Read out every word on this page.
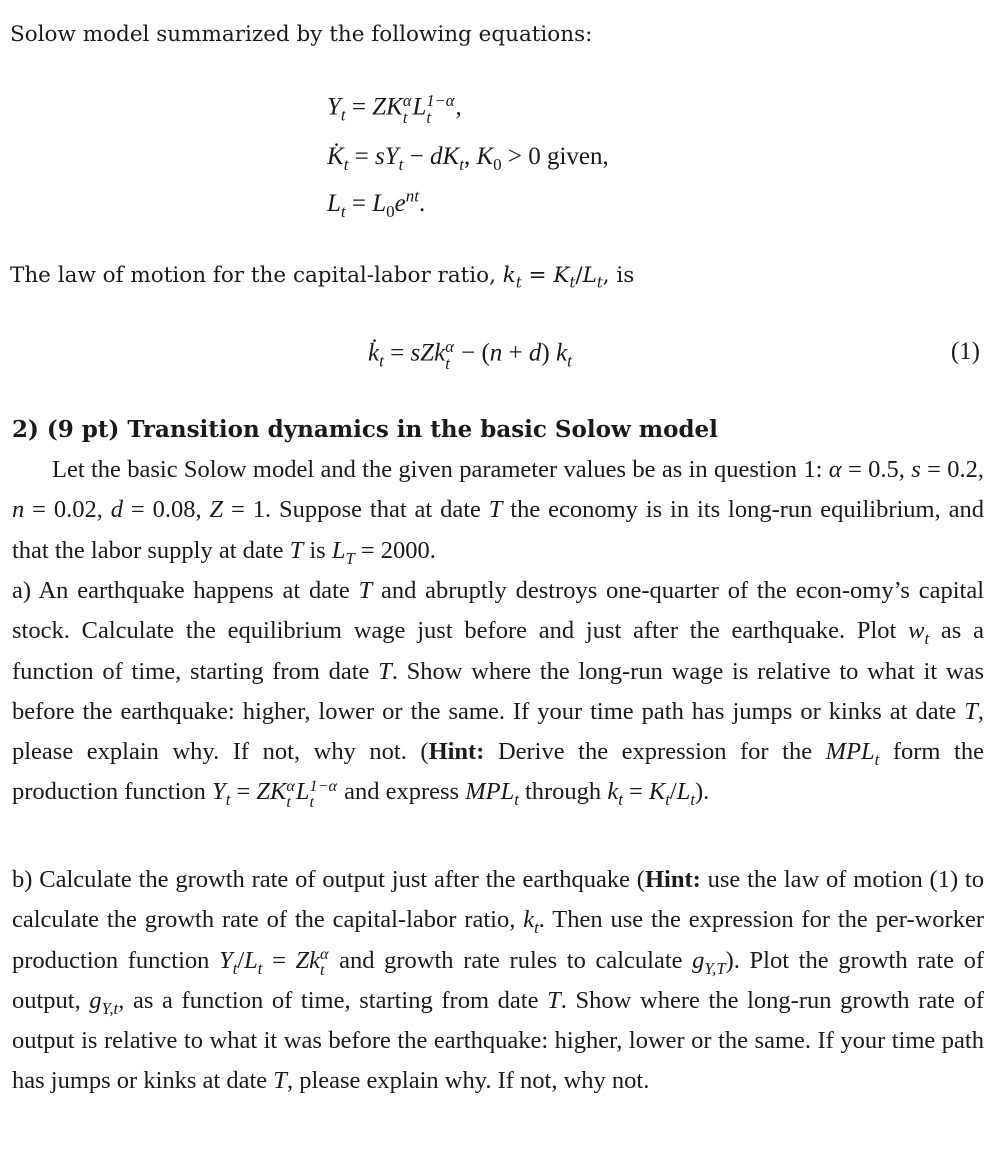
Solow model summarized by the following equations:
$Y_t$ = ZK α
t L 1−α
t ,
$K̇_t = sY_t - dK_t$, $K_0 > 0$ given,
$L_t = L_0e^{nt}$.
The law of motion for the capital-labor ratio, $k_t = K_t/L_t$, is
$k̇_t$ = sZk α
t − (n + d) $k_t$	(1)
2) (9 pt) Transition dynamics in the basic Solow model
Let the basic Solow model and the given parameter values be as in question 1: α = 0.5, s = 0.2, n = 0.02, d = 0.08, Z = 1. Suppose that at date T the economy is in its long-run equilibrium, and that the labor supply at date T is $L_T = 2000$.
a) An earthquake happens at date T and abruptly destroys one-quarter of the econ-omy’s capital stock. Calculate the equilibrium wage just before and just after the earthquake. Plot $w_t$ as a function of time, starting from date T. Show where the long-run wage is relative to what it was before the earthquake: higher, lower or the same. If your time path has jumps or kinks at date T, please explain why. If not, why not. (Hint: Derive the expression for the $MPL_t$ form the production function $Y_t$ = ZK α
t L 1−α
t and express $MPL_t$ through $k_t = K_t/L_t$).
b) Calculate the growth rate of output just after the earthquake (Hint: use the law of motion (1) to calculate the growth rate of the capital-labor ratio, $k_t$. Then use the expression for the per-worker production function $Y_t/L_t = Zk$ α
t and growth rate rules to calculate $g_{Y,T}$). Plot the growth rate of output, $g_{Y,t}$, as a function of time, starting from date T. Show where the long-run growth rate of output is relative to what it was before the earthquake: higher, lower or the same. If your time path has jumps or kinks at date T, please explain why. If not, why not.
